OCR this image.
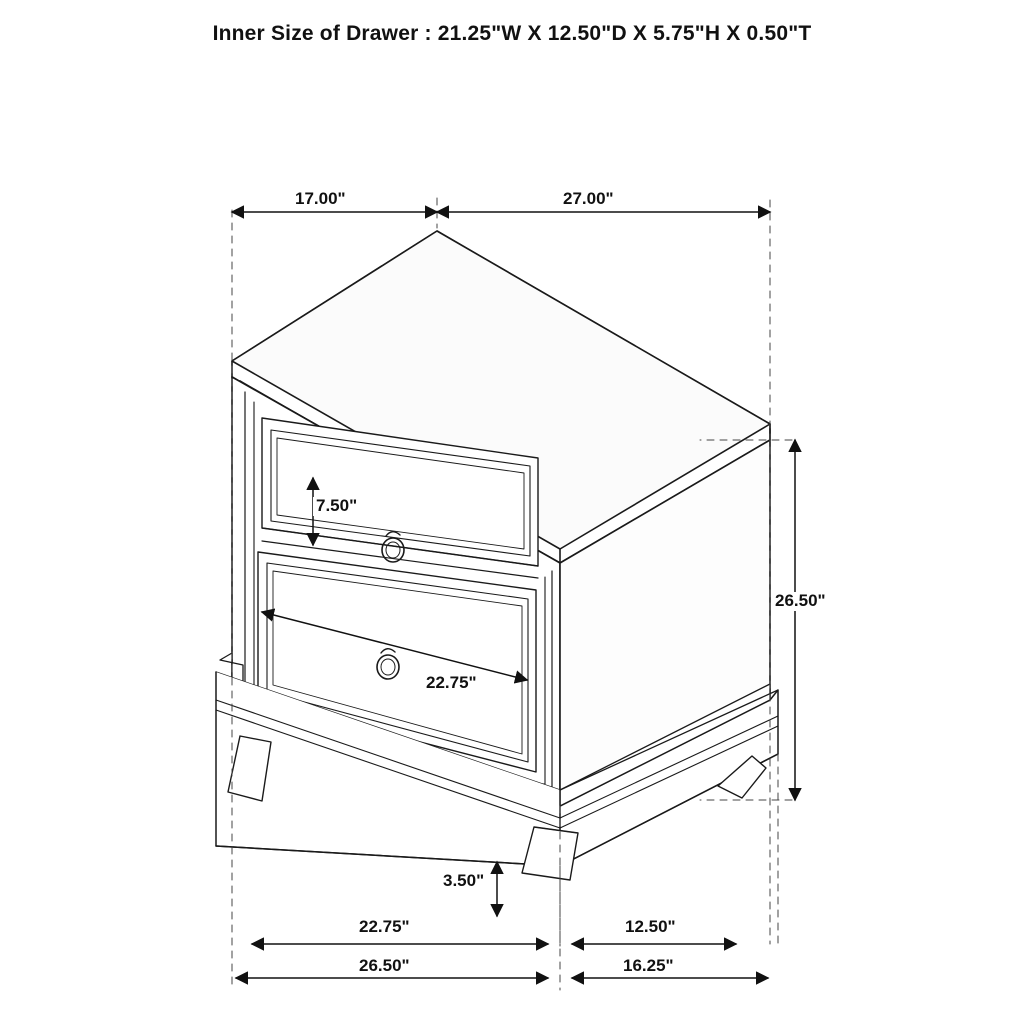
Inner Size of Drawer : 21.25"W X 12.50"D X 5.75"H X 0.50"T
17.00"	27.00"
7.50"
26.50"
22.75"
3.50"
22.75"	12.50"
26.50"	16.25"
